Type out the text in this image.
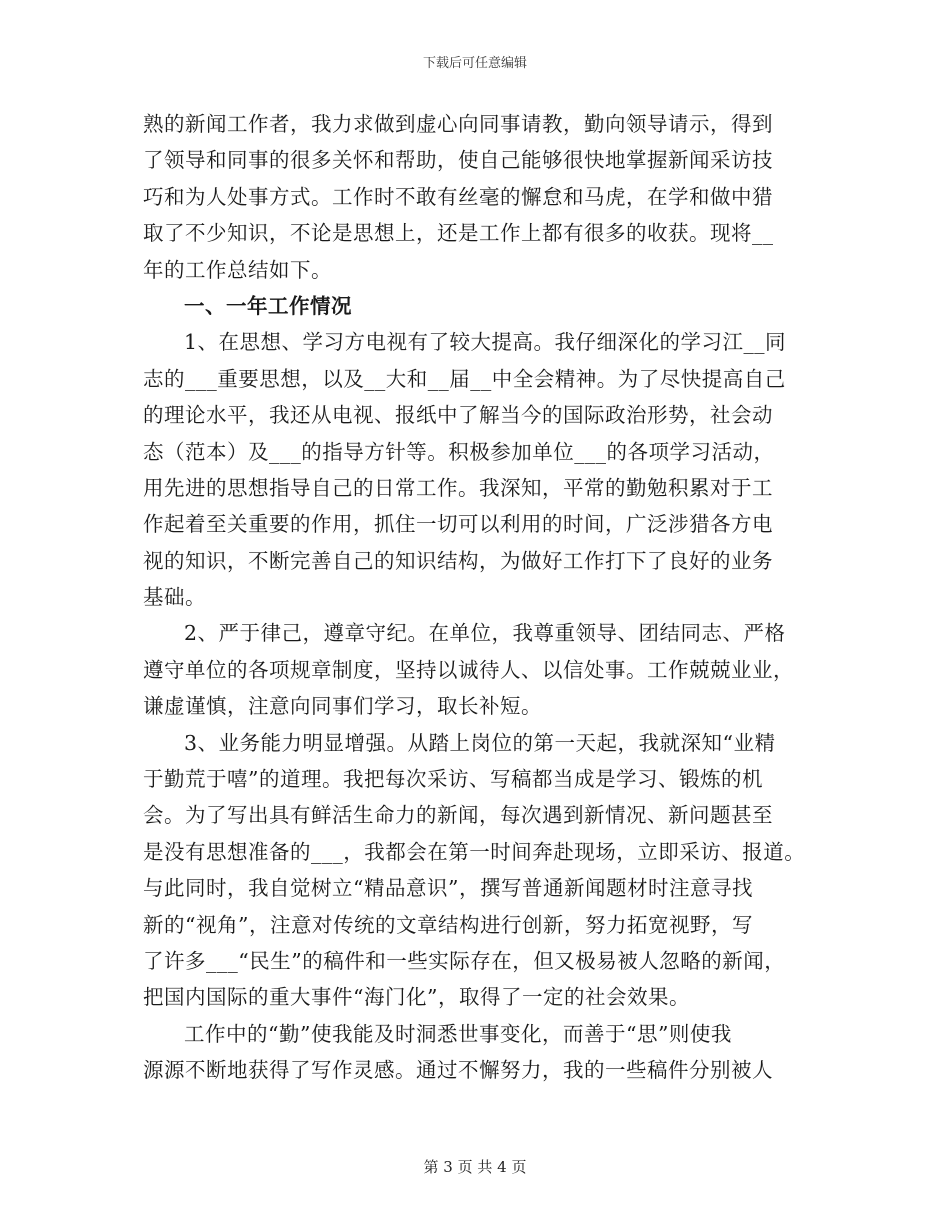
下载后可任意编辑
熟的新闻工作者，我力求做到虚心向同事请教，勤向领导请示，得到
了领导和同事的很多关怀和帮助，使自己能够很快地掌握新闻采访技
巧和为人处事方式。工作时不敢有丝毫的懈怠和马虎，在学和做中猎
取了不少知识，不论是思想上，还是工作上都有很多的收获。现将__
年的工作总结如下。
一、一年工作情况
1、在思想、学习方电视有了较大提高。我仔细深化的学习江__同
志的___重要思想，以及__大和__届__中全会精神。为了尽快提高自己
的理论水平，我还从电视、报纸中了解当今的国际政治形势，社会动
态（范本）及___的指导方针等。积极参加单位___的各项学习活动，
用先进的思想指导自己的日常工作。我深知，平常的勤勉积累对于工
作起着至关重要的作用，抓住一切可以利用的时间，广泛涉猎各方电
视的知识，不断完善自己的知识结构，为做好工作打下了良好的业务
基础。
2、严于律己，遵章守纪。在单位，我尊重领导、团结同志、严格
遵守单位的各项规章制度，坚持以诚待人、以信处事。工作兢兢业业，
谦虚谨慎，注意向同事们学习，取长补短。
3、业务能力明显增强。从踏上岗位的第一天起，我就深知“业精
于勤荒于嘻”的道理。我把每次采访、写稿都当成是学习、锻炼的机
会。为了写出具有鲜活生命力的新闻，每次遇到新情况、新问题甚至
是没有思想准备的___，我都会在第一时间奔赴现场，立即采访、报道。
与此同时，我自觉树立“精品意识”，撰写普通新闻题材时注意寻找
新的“视角”，注意对传统的文章结构进行创新，努力拓宽视野，写
了许多___“民生”的稿件和一些实际存在，但又极易被人忽略的新闻，
把国内国际的重大事件“海门化”，取得了一定的社会效果。
工作中的“勤”使我能及时洞悉世事变化，而善于“思”则使我
源源不断地获得了写作灵感。通过不懈努力，我的一些稿件分别被人
第 3 页 共 4 页
